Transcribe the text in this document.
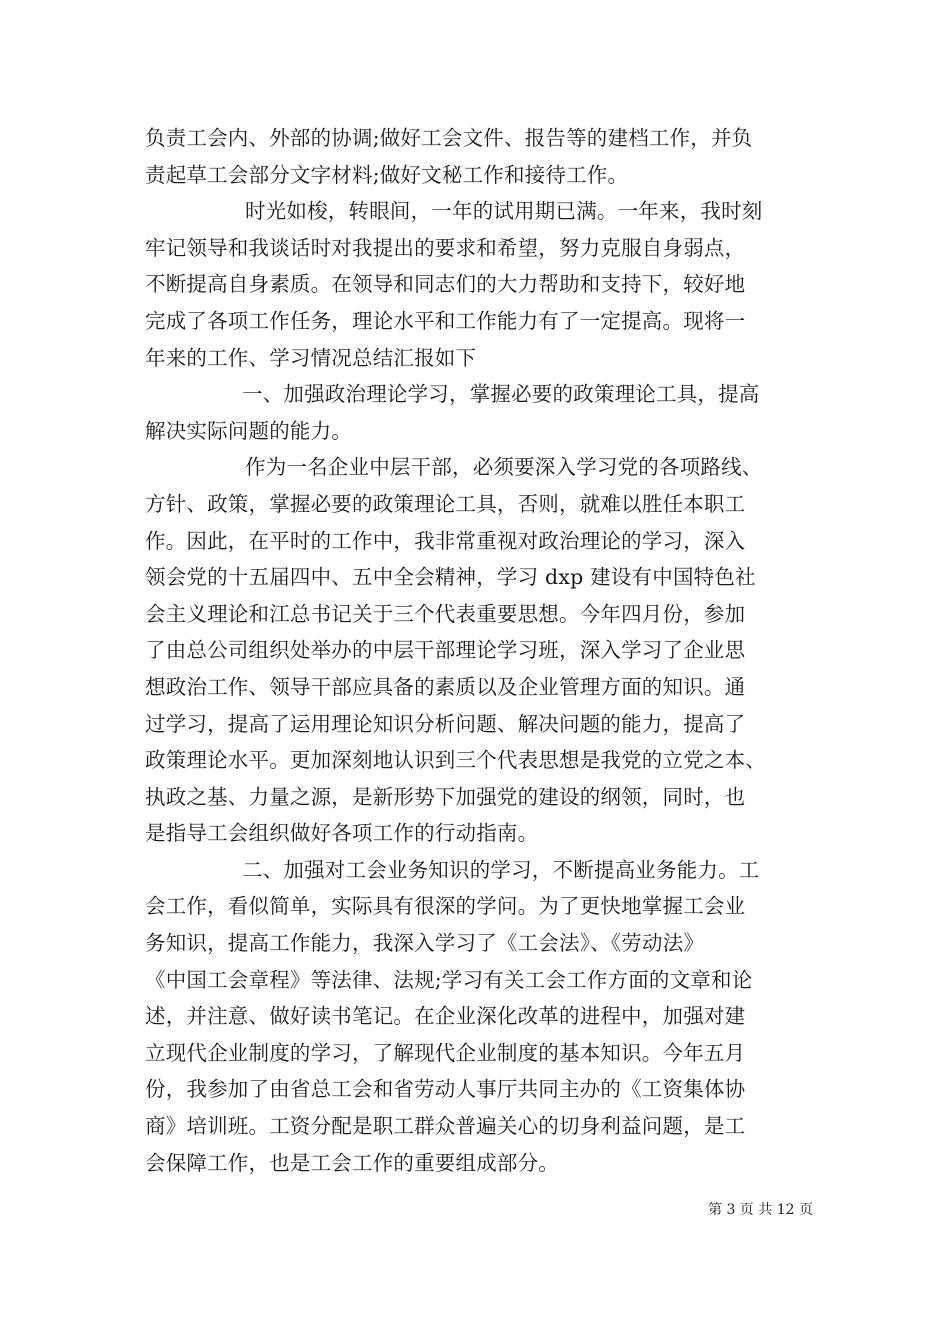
负责工会内、外部的协调;做好工会文件、报告等的建档工作，并负
责起草工会部分文字材料;做好文秘工作和接待工作。
时光如梭，转眼间，一年的试用期已满。一年来，我时刻
牢记领导和我谈话时对我提出的要求和希望，努力克服自身弱点，
不断提高自身素质。在领导和同志们的大力帮助和支持下，较好地
完成了各项工作任务，理论水平和工作能力有了一定提高。现将一
年来的工作、学习情况总结汇报如下
一、加强政治理论学习，掌握必要的政策理论工具，提高
解决实际问题的能力。
作为一名企业中层干部，必须要深入学习党的各项路线、
方针、政策，掌握必要的政策理论工具，否则，就难以胜任本职工
作。因此，在平时的工作中，我非常重视对政治理论的学习，深入
领会党的十五届四中、五中全会精神，学习 dxp 建设有中国特色社
会主义理论和江总书记关于三个代表重要思想。今年四月份，参加
了由总公司组织处举办的中层干部理论学习班，深入学习了企业思
想政治工作、领导干部应具备的素质以及企业管理方面的知识。通
过学习，提高了运用理论知识分析问题、解决问题的能力，提高了
政策理论水平。更加深刻地认识到三个代表思想是我党的立党之本、
执政之基、力量之源，是新形势下加强党的建设的纲领，同时，也
是指导工会组织做好各项工作的行动指南。
二、加强对工会业务知识的学习，不断提高业务能力。工
会工作，看似简单，实际具有很深的学问。为了更快地掌握工会业
务知识，提高工作能力，我深入学习了《工会法》、《劳动法》
《中国工会章程》等法律、法规;学习有关工会工作方面的文章和论
述，并注意、做好读书笔记。在企业深化改革的进程中，加强对建
立现代企业制度的学习，了解现代企业制度的基本知识。今年五月
份，我参加了由省总工会和省劳动人事厅共同主办的《工资集体协
商》培训班。工资分配是职工群众普遍关心的切身利益问题，是工
会保障工作，也是工会工作的重要组成部分。
第 3 页 共 12 页
